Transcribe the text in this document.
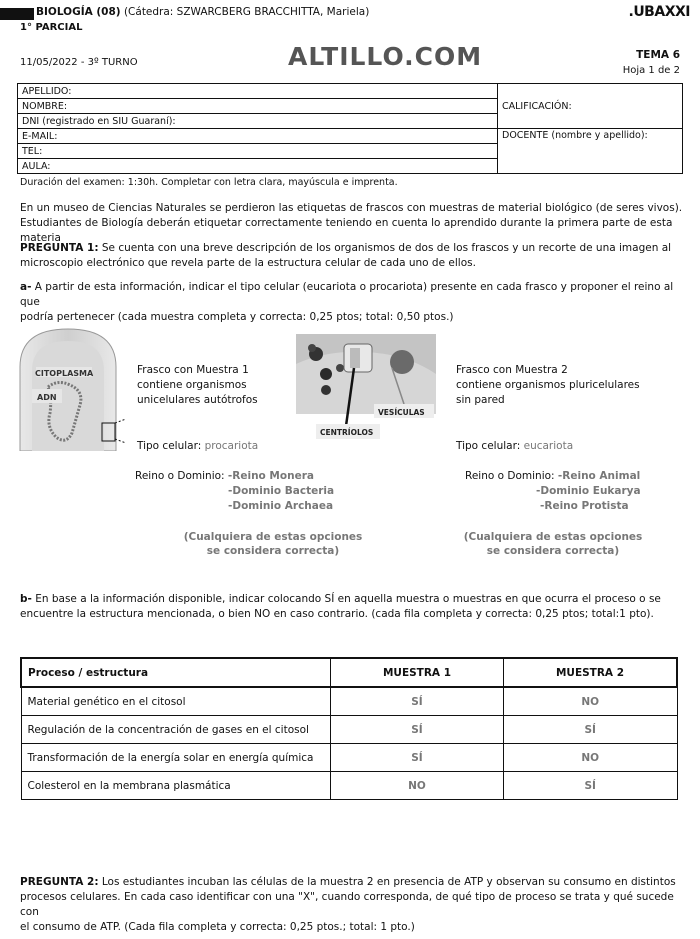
BIOLOGÍA (08) (Cátedra: SZWARCBERG BRACCHITTA, Mariela)
1° PARCIAL
.UBAXXI
11/05/2022 - 3º TURNO	ALTILLO.COM	TEMA 6
Hoja 1 de 2
APELLIDO:	CALIFICACIÓN:
NOMBRE:	
DNI (registrado en SIU Guaraní):	
E-MAIL:	DOCENTE (nombre y apellido):
TEL:	
AULA:	
Duración del examen: 1:30h. Completar con letra clara, mayúscula e imprenta.
En un museo de Ciencias Naturales se perdieron las etiquetas de frascos con muestras de material biológico (de seres vivos).
Estudiantes de Biología deberán etiquetar correctamente teniendo en cuenta lo aprendido durante la primera parte de esta materia
PREGUNTA 1: Se cuenta con una breve descripción de los organismos de dos de los frascos y un recorte de una imagen al
microscopio electrónico que revela parte de la estructura celular de cada uno de ellos.
a- A partir de esta información, indicar el tipo celular (eucariota o procariota) presente en cada frasco y proponer el reino al que
podría pertenecer (cada muestra completa y correcta: 0,25 ptos; total: 0,50 ptos.)
CITOPLASMA
ADN
Frasco con Muestra 1
contiene organismos
unicelulares autótrofos
VESÍCULAS
CENTRÍOLOS
Frasco con Muestra 2
contiene organismos pluricelulares
sin pared
Tipo celular: procariota	Tipo celular: eucariota
Reino o Dominio: -Reino Monera
-Dominio Bacteria
-Dominio Archaea
Reino o Dominio: -Reino Animal
-Dominio Eukarya
-Reino Protista
(Cualquiera de estas opciones
se considera correcta)
(Cualquiera de estas opciones
se considera correcta)
b- En base a la información disponible, indicar colocando SÍ en aquella muestra o muestras en que ocurra el proceso o se
encuentre la estructura mencionada, o bien NO en caso contrario. (cada fila completa y correcta: 0,25 ptos; total:1 pto).
Proceso / estructura	MUESTRA 1	MUESTRA 2
Material genético en el citosol	SÍ	NO
Regulación de la concentración de gases en el citosol	SÍ	SÍ
Transformación de la energía solar en energía química	SÍ	NO
Colesterol en la membrana plasmática	NO	SÍ
PREGUNTA 2: Los estudiantes incuban las células de la muestra 2 en presencia de ATP y observan su consumo en distintos
procesos celulares. En cada caso identificar con una "X", cuando corresponda, de qué tipo de proceso se trata y qué sucede con
el consumo de ATP. (Cada fila completa y correcta: 0,25 ptos.; total: 1 pto.)
